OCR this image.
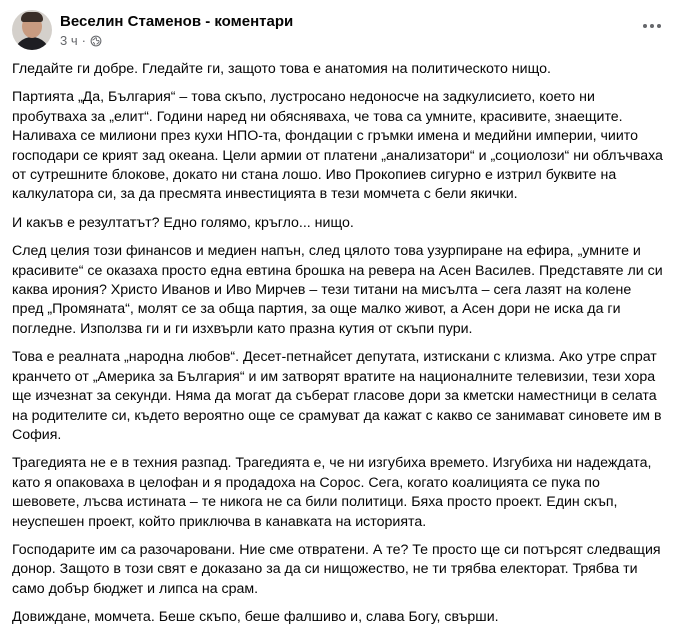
Веселин Стаменов - коментари
3 ч ·

Гледайте ги добре. Гледайте ги, защото това е анатомия на политическото нищо.

Партията „Да, България“ – това скъпо, лустросано недоносче на задкулисието, което ни пробутваха за „елит“. Години наред ни обясняваха, че това са умните, красивите, знаещите. Наливаха се милиони през кухи НПО-та, фондации с гръмки имена и медийни империи, чиито господари се крият зад океана. Цели армии от платени „анализатори“ и „социолози“ ни облъчваха от сутрешните блокове, докато ни стана лошо. Иво Прокопиев сигурно е изтрил буквите на калкулатора си, за да пресмята инвестицията в тези момчета с бели якички.

И какъв е резултатът? Едно голямо, кръгло... нищо.

След целия този финансов и медиен напън, след цялото това узурпиране на ефира, „умните и красивите“ се оказаха просто една евтина брошка на ревера на Асен Василев. Представяте ли си каква ирония? Христо Иванов и Иво Мирчев – тези титани на мисълта – сега лазят на колене пред „Промяната“, молят се за обща партия, за още малко живот, а Асен дори не иска да ги погледне. Използва ги и ги изхвърли като празна кутия от скъпи пури.

Това е реалната „народна любов“. Десет-петнайсет депутата, изтискани с клизма. Ако утре спрат кранчето от „Америка за България“ и им затворят вратите на националните телевизии, тези хора ще изчезнат за секунди. Няма да могат да съберат гласове дори за кметски наместници в селата на родителите си, където вероятно още се срамуват да кажат с какво се занимават синовете им в София.

Трагедията не е в техния разпад. Трагедията е, че ни изгубиха времето. Изгубиха ни надеждата, като я опаковаха в целофан и я продадоха на Сорос. Сега, когато коалицията се пука по шевовете, лъсва истината – те никога не са били политици. Бяха просто проект. Един скъп, неуспешен проект, който приключва в канавката на историята.

Господарите им са разочаровани. Ние сме отвратени. А те? Те просто ще си потърсят следващия донор. Защото в този свят е доказано за да си нищожество, не ти трябва електорат. Трябва ти само добър бюджет и липса на срам.

Довиждане, момчета. Беше скъпо, беше фалшиво и, слава Богу, свърши.
